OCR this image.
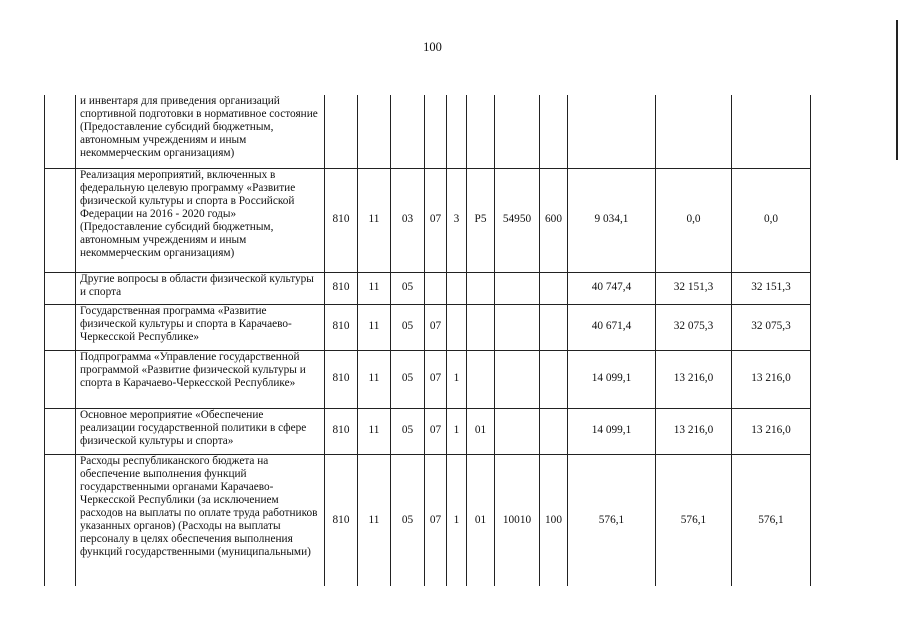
100
	и инвентаря для приведения организаций спортивной подготовки в нормативное состояние (Предоставление субсидий бюджетным, автономным учреждениям и иным некоммерческим организациям)											
	Реализация мероприятий, включенных в федеральную целевую программу «Развитие физической культуры и спорта в Российской Федерации на 2016 - 2020 годы» (Предоставление субсидий бюджетным, автономным учреждениям и иным некоммерческим организациям)	810	11	03	07	3	P5	54950	600	9 034,1	0,0	0,0
	Другие вопросы в области физической культуры и спорта	810	11	05						40 747,4	32 151,3	32 151,3
	Государственная программа «Развитие физической культуры и спорта в Карачаево-Черкесской Республике»	810	11	05	07					40 671,4	32 075,3	32 075,3
	Подпрограмма «Управление государственной программой «Развитие физической культуры и спорта в Карачаево-Черкесской Республике»	810	11	05	07	1				14 099,1	13 216,0	13 216,0
	Основное мероприятие «Обеспечение реализации государственной политики в сфере физической культуры и спорта»	810	11	05	07	1	01			14 099,1	13 216,0	13 216,0
	Расходы республиканского бюджета на обеспечение выполнения функций государственными органами Карачаево-Черкесской Республики (за исключением расходов на выплаты по оплате труда работников указанных органов) (Расходы на выплаты персоналу в целях обеспечения выполнения функций государственными (муниципальными)	810	11	05	07	1	01	10010	100	576,1	576,1	576,1
